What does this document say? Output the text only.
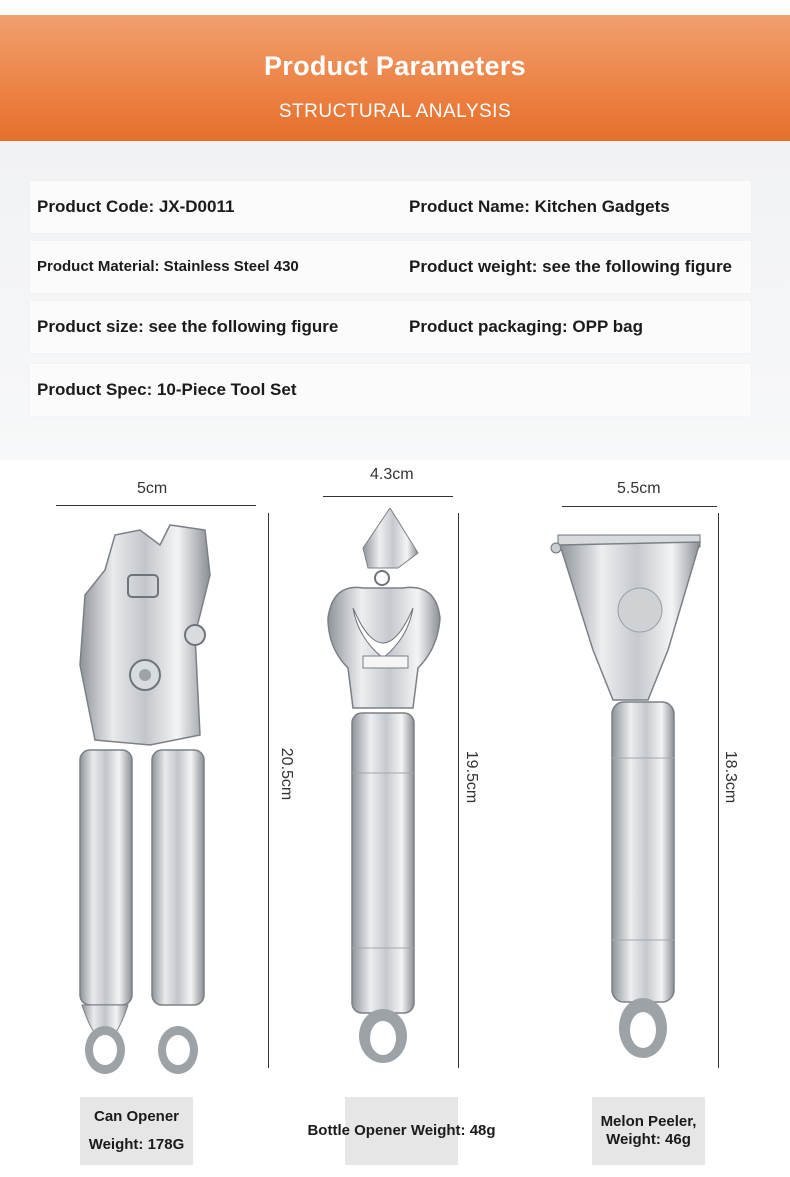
Product Parameters
STRUCTURAL ANALYSIS
Product Code: JX-D0011	Product Name: Kitchen Gadgets
Product Material: Stainless Steel 430	Product weight: see the following figure
Product size: see the following figure	Product packaging: OPP bag
Product Spec: 10-Piece Tool Set
5cm
20.5cm
Can Opener
Weight: 178G
4.3cm
19.5cm
Bottle Opener Weight: 48g
5.5cm
18.3cm
Melon Peeler,
Weight: 46g
